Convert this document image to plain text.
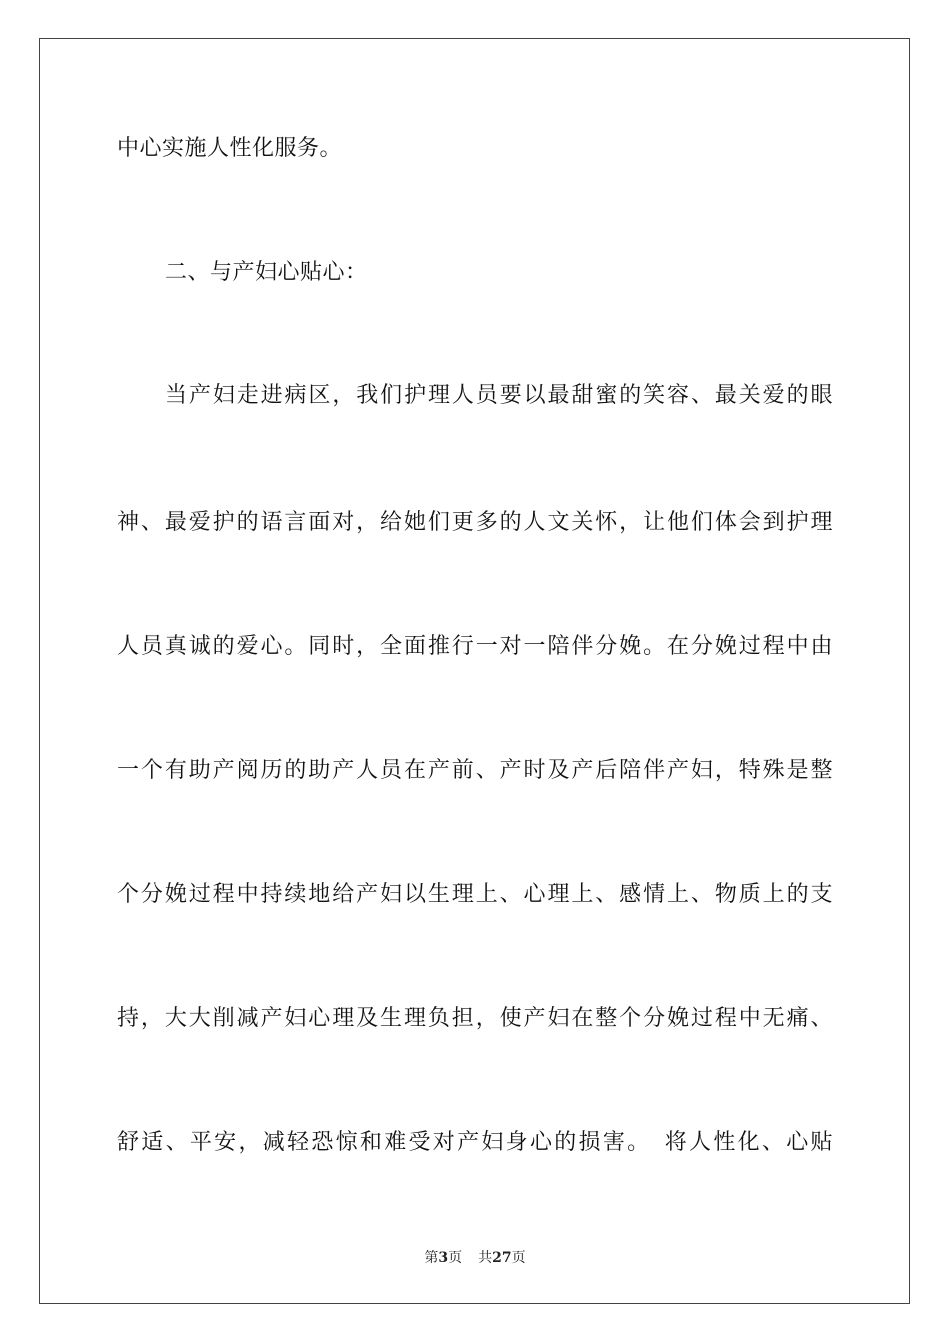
中心实施人性化服务。
二、与产妇心贴心：
当产妇走进病区，我们护理人员要以最甜蜜的笑容、最关爱的眼
神、最爱护的语言面对，给她们更多的人文关怀，让他们体会到护理
人员真诚的爱心。同时，全面推行一对一陪伴分娩。在分娩过程中由
一个有助产阅历的助产人员在产前、产时及产后陪伴产妇，特殊是整
个分娩过程中持续地给产妇以生理上、心理上、感情上、物质上的支
持，大大削减产妇心理及生理负担，使产妇在整个分娩过程中无痛、
舒适、平安，减轻恐惊和难受对产妇身心的损害。　将人性化、心贴
第3页 共27页
